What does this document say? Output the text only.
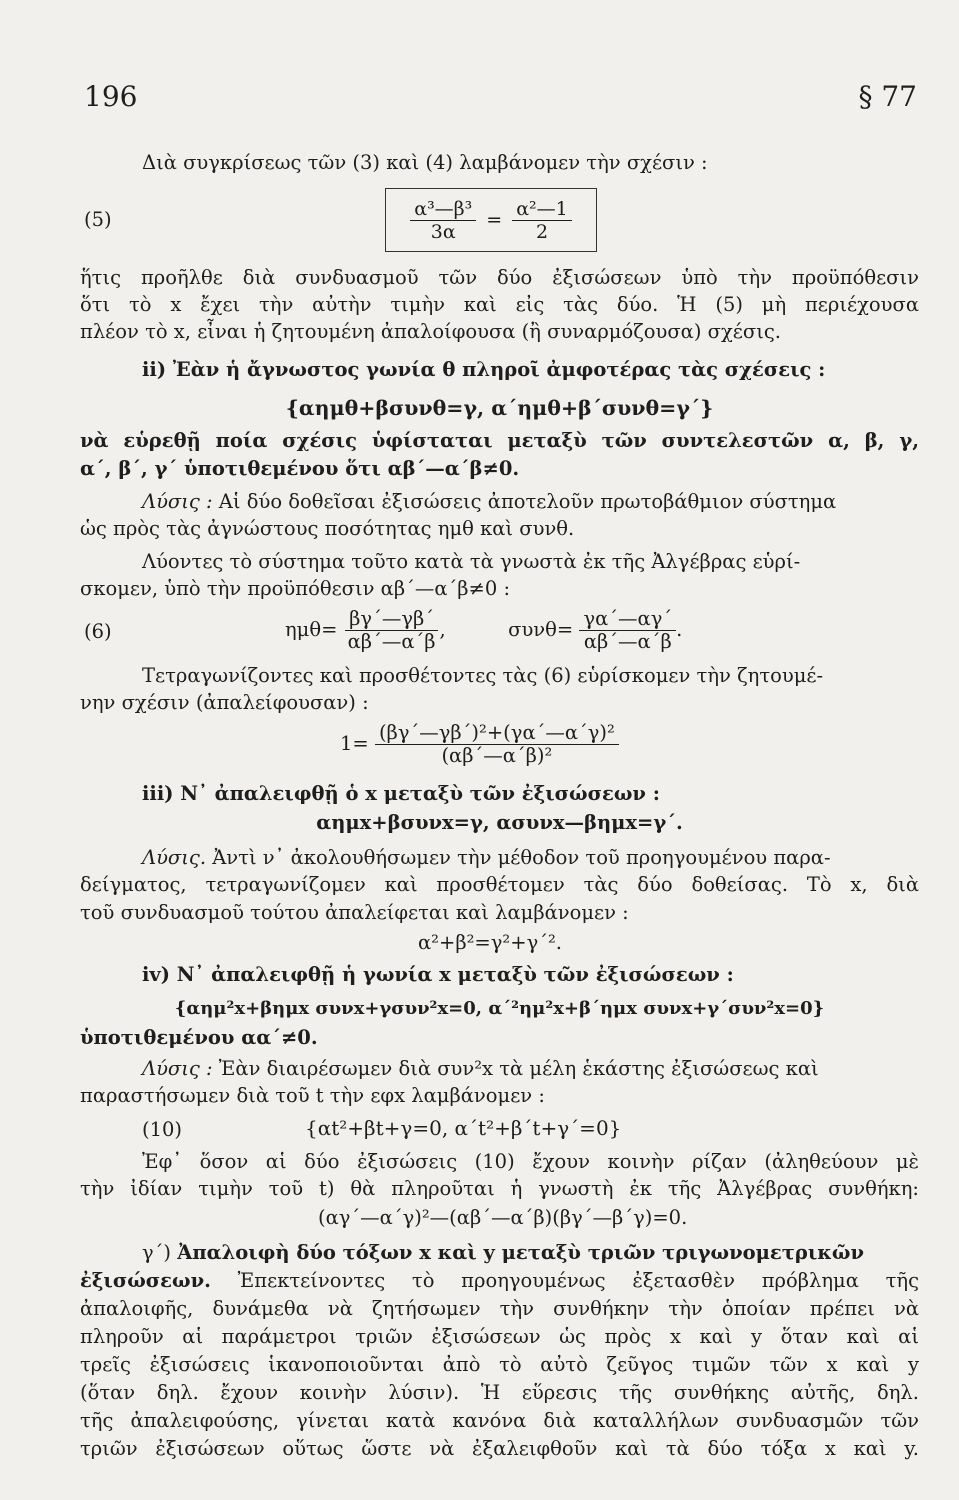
196	§ 77
Διὰ συγκρίσεως τῶν (3) καὶ (4) λαμβάνομεν τὴν σχέσιν :
(5)	$\frac{\text{α³—β³}}{3\alpha} = \frac{\text{α²—1}}{2}$
ἥτις προῆλθε διὰ συνδυασμοῦ τῶν δύο ἐξισώσεων ὑπὸ τὴν προϋπόθεσιν
ὅτι τὸ x ἔχει τὴν αὐτὴν τιμὴν καὶ εἰς τὰς δύο. Ἡ (5) μὴ περιέχουσα
πλέον τὸ x, εἶναι ἡ ζητουμένη ἀπαλοίφουσα (ἢ συναρμόζουσα) σχέσις.
ii) Ἐὰν ἡ ἄγνωστος γωνία θ πληροῖ ἀμφοτέρας τὰς σχέσεις :
{αημθ+βσυνθ=γ, α΄ημθ+β΄συνθ=γ΄}
νὰ εὑρεθῇ ποία σχέσις ὑφίσταται μεταξὺ τῶν συντελεστῶν α, β, γ,
α΄, β΄, γ΄ ὑποτιθεμένου ὅτι αβ΄—α΄β≠0.
Λύσις : Αἱ δύο δοθεῖσαι ἐξισώσεις ἀποτελοῦν πρωτοβάθμιον σύστημα
ὡς πρὸς τὰς ἀγνώστους ποσότητας ημθ καὶ συνθ.
Λύοντες τὸ σύστημα τοῦτο κατὰ τὰ γνωστὰ ἐκ τῆς Ἀλγέβρας εὑρί-
σκομεν, ὑπὸ τὴν προϋπόθεσιν αβ΄—α΄β≠0 :
(6)	$\eta\mu\theta= \frac{\beta\gamma΄—\gamma\beta΄}{\alpha\beta΄—\alpha΄\beta}$ ,	$\sigma\upsilon\nu\theta= \frac{\gamma\alpha΄—\alpha\gamma΄}{\alpha\beta΄—\alpha΄\beta}$ .
Τετραγωνίζοντες καὶ προσθέτοντες τὰς (6) εὑρίσκομεν τὴν ζητουμέ-
νην σχέσιν (ἀπαλείφουσαν) :
$1= \frac{\text{(βγ΄—γβ΄)²+(γα΄—α΄γ)²}}{\text{(αβ΄—α΄β)²}}$
iii) Ν᾿ ἀπαλειφθῇ ὁ x μεταξὺ τῶν ἐξισώσεων :
αημx+βσυνx=γ, ασυνx—βημx=γ΄.
Λύσις. Ἀντὶ ν᾿ ἀκολουθήσωμεν τὴν μέθοδον τοῦ προηγουμένου παρα-
δείγματος, τετραγωνίζομεν καὶ προσθέτομεν τὰς δύο δοθείσας. Τὸ x, διὰ
τοῦ συνδυασμοῦ τούτου ἀπαλείφεται καὶ λαμβάνομεν :
α²+β²=γ²+γ΄².
iv) Ν᾿ ἀπαλειφθῇ ἡ γωνία x μεταξὺ τῶν ἐξισώσεων :
{αημ²x+βημx συνx+γσυν²x=0, α΄²ημ²x+β΄ημx συνx+γ΄συν²x=0}
ὑποτιθεμένου αα΄≠0.
Λύσις : Ἐὰν διαιρέσωμεν διὰ συν²x τὰ μέλη ἑκάστης ἐξισώσεως καὶ
παραστήσωμεν διὰ τοῦ t τὴν εφx λαμβάνομεν :
(10)	{αt²+βt+γ=0, α΄t²+β΄t+γ΄=0}
Ἐφ᾿ ὅσον αἱ δύο ἐξισώσεις (10) ἔχουν κοινὴν ρίζαν (ἀληθεύουν μὲ
τὴν ἰδίαν τιμὴν τοῦ t) θὰ πληροῦται ἡ γνωστὴ ἐκ τῆς Ἀλγέβρας συνθήκη:
(αγ΄—α΄γ)²—(αβ΄—α΄β)(βγ΄—β΄γ)=0.
γ΄) Ἀπαλοιφὴ δύο τόξων x καὶ y μεταξὺ τριῶν τριγωνομετρικῶν
ἐξισώσεων. Ἐπεκτείνοντες τὸ προηγουμένως ἐξετασθὲν πρόβλημα τῆς
ἀπαλοιφῆς, δυνάμεθα νὰ ζητήσωμεν τὴν συνθήκην τὴν ὁποίαν πρέπει νὰ
πληροῦν αἱ παράμετροι τριῶν ἐξισώσεων ὡς πρὸς x καὶ y ὅταν καὶ αἱ
τρεῖς ἐξισώσεις ἱκανοποιοῦνται ἀπὸ τὸ αὐτὸ ζεῦγος τιμῶν τῶν x καὶ y
(ὅταν δηλ. ἔχουν κοινὴν λύσιν). Ἡ εὕρεσις τῆς συνθήκης αὐτῆς, δηλ.
τῆς ἀπαλειφούσης, γίνεται κατὰ κανόνα διὰ καταλλήλων συνδυασμῶν τῶν
τριῶν ἐξισώσεων οὕτως ὥστε νὰ ἐξαλειφθοῦν καὶ τὰ δύο τόξα x καὶ y.
